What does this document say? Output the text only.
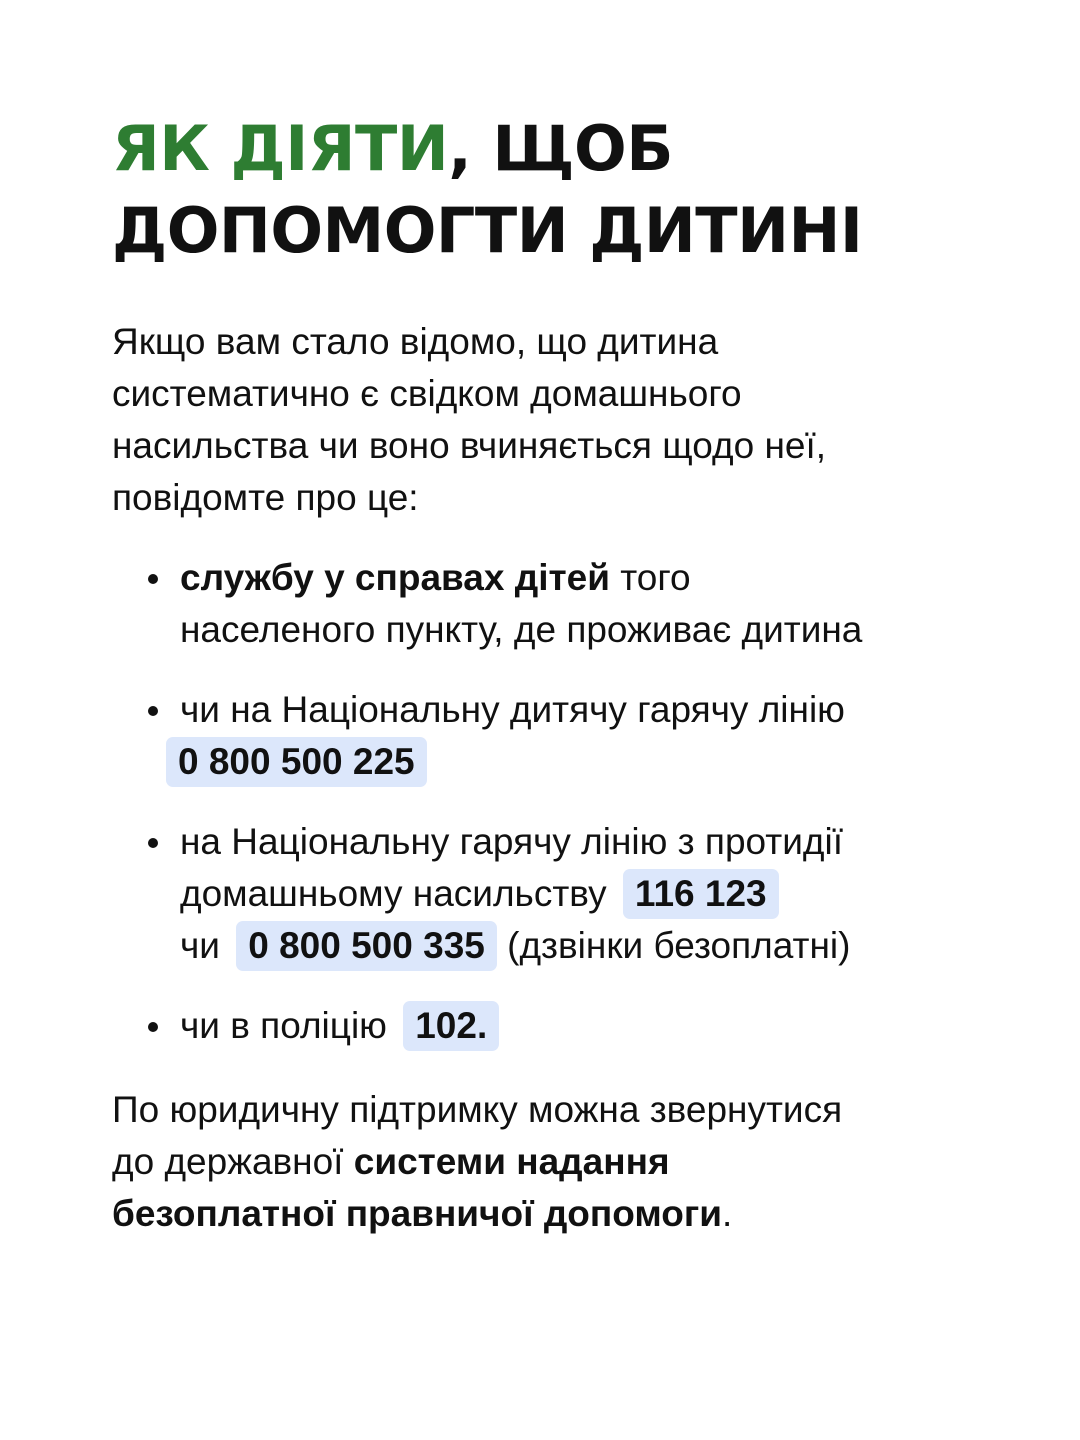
ЯК ДІЯТИ, ЩОБ
ДОПОМОГТИ ДИТИНІ

Якщо вам стало відомо, що дитина
систематично є свідком домашнього
насильства чи воно вчиняється щодо неї,
повідомте про це:

службу у справах дітей того
населеного пункту, де проживає дитина
чи на Національну дитячу гарячу лінію
0 800 500 225
на Національну гарячу лінію з протидії
домашньому насильству 116 123
чи 0 800 500 335 (дзвінки безоплатні)
чи в поліцію 102.

По юридичну підтримку можна звернутися
до державної системи надання
безоплатної правничої допомоги.
